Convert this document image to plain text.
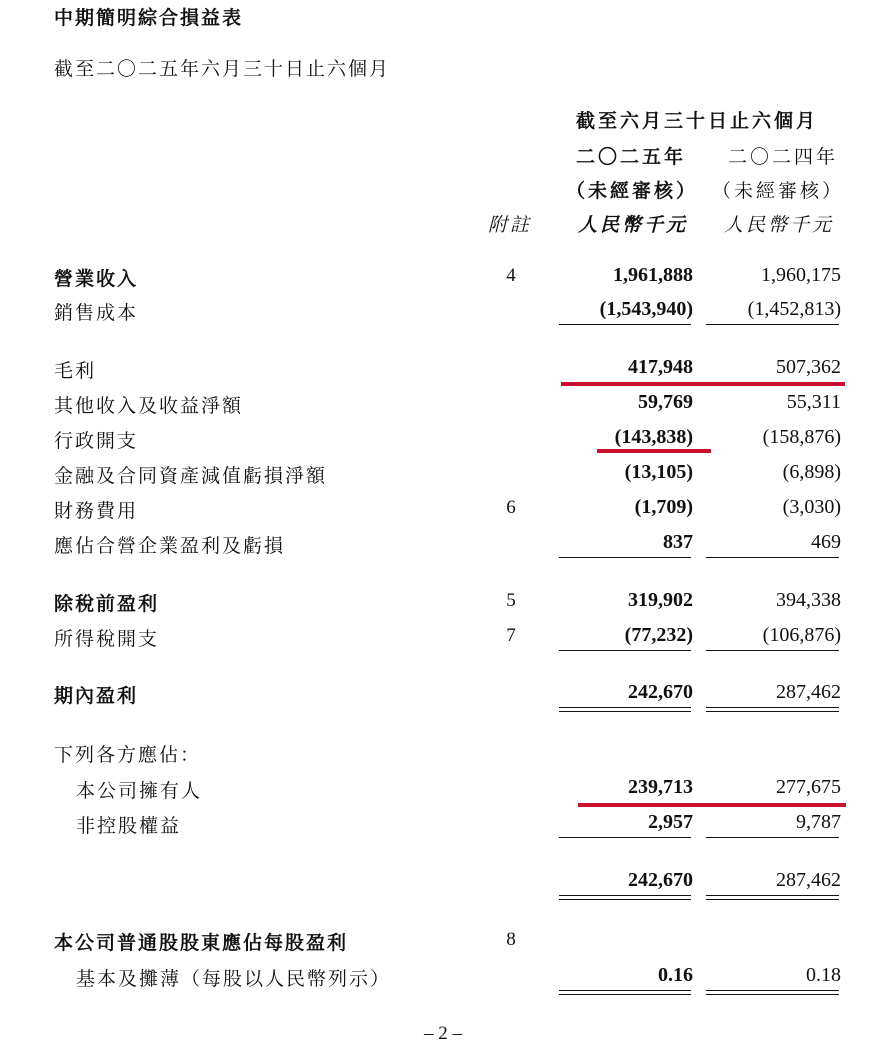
中期簡明綜合損益表
截至二〇二五年六月三十日止六個月
截至六月三十日止六個月
二〇二五年 二〇二四年
（未經審核） （未經審核）
附註 人民幣千元 人民幣千元
營業收入	4	1,961,888	1,960,175
銷售成本	(1,543,940)	(1,452,813)
毛利	417,948	507,362
其他收入及收益淨額	59,769	55,311
行政開支	(143,838)	(158,876)
金融及合同資產減值虧損淨額	(13,105)	(6,898)
財務費用	6	(1,709)	(3,030)
應佔合營企業盈利及虧損	837	469
除稅前盈利	5	319,902	394,338
所得稅開支	7	(77,232)	(106,876)
期內盈利	242,670	287,462
下列各方應佔：
本公司擁有人	239,713	277,675
非控股權益	2,957	9,787
242,670	287,462
本公司普通股股東應佔每股盈利	8
基本及攤薄（每股以人民幣列示）	0.16	0.18
– 2 –
